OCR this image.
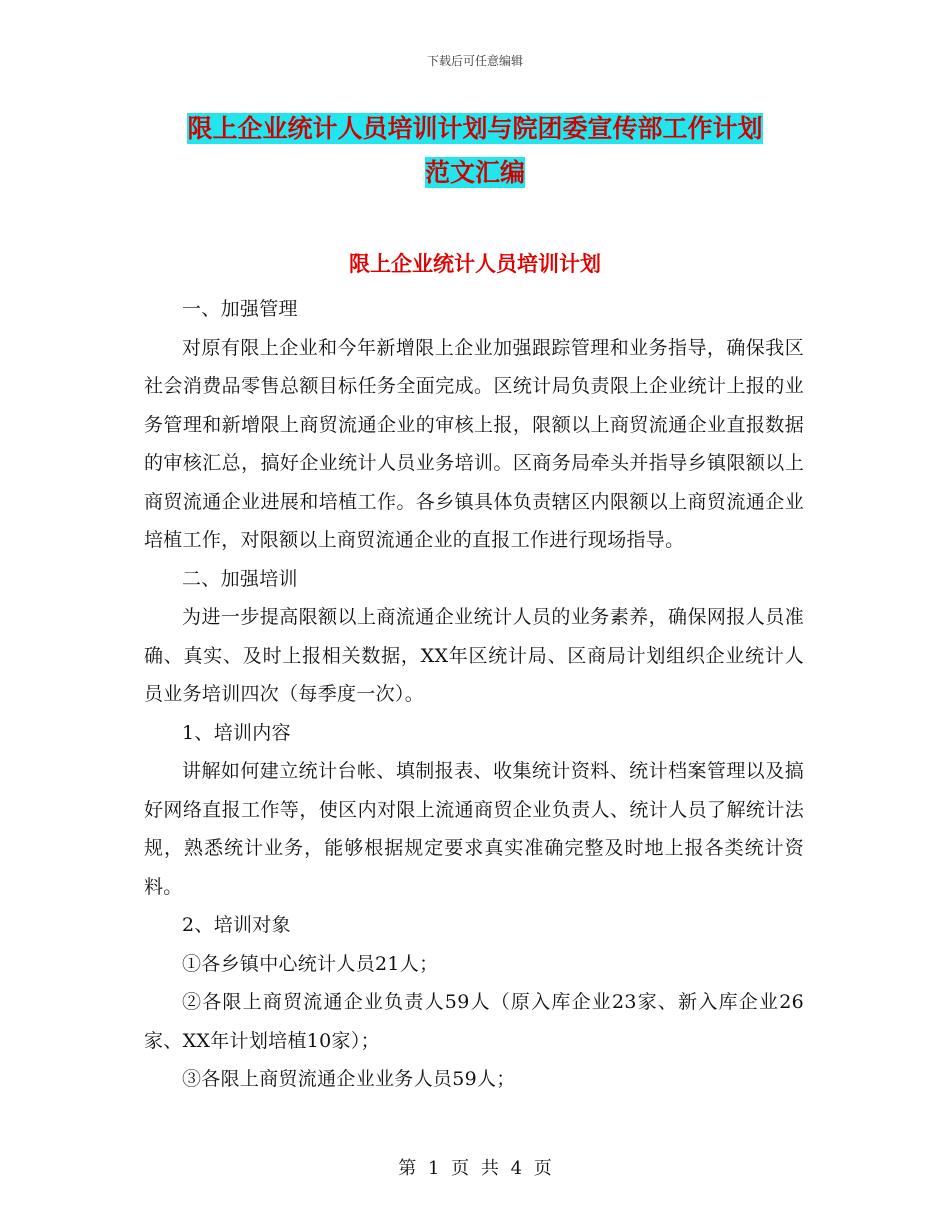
下载后可任意编辑
限上企业统计人员培训计划与院团委宣传部工作计划
范文汇编
限上企业统计人员培训计划

一、加强管理

对原有限上企业和今年新增限上企业加强跟踪管理和业务指导，确保我区社会消费品零售总额目标任务全面完成。区统计局负责限上企业统计上报的业务管理和新增限上商贸流通企业的审核上报，限额以上商贸流通企业直报数据的审核汇总，搞好企业统计人员业务培训。区商务局牵头并指导乡镇限额以上商贸流通企业进展和培植工作。各乡镇具体负责辖区内限额以上商贸流通企业培植工作，对限额以上商贸流通企业的直报工作进行现场指导。

二、加强培训

为进一步提高限额以上商流通企业统计人员的业务素养，确保网报人员准确、真实、及时上报相关数据，XX年区统计局、区商局计划组织企业统计人员业务培训四次（每季度一次）。

1、培训内容

讲解如何建立统计台帐、填制报表、收集统计资料、统计档案管理以及搞好网络直报工作等，使区内对限上流通商贸企业负责人、统计人员了解统计法规，熟悉统计业务，能够根据规定要求真实准确完整及时地上报各类统计资料。

2、培训对象

①各乡镇中心统计人员21人；

②各限上商贸流通企业负责人59人（原入库企业23家、新入库企业26家、XX年计划培植10家）；

③各限上商贸流通企业业务人员59人；

第 1 页 共 4 页
